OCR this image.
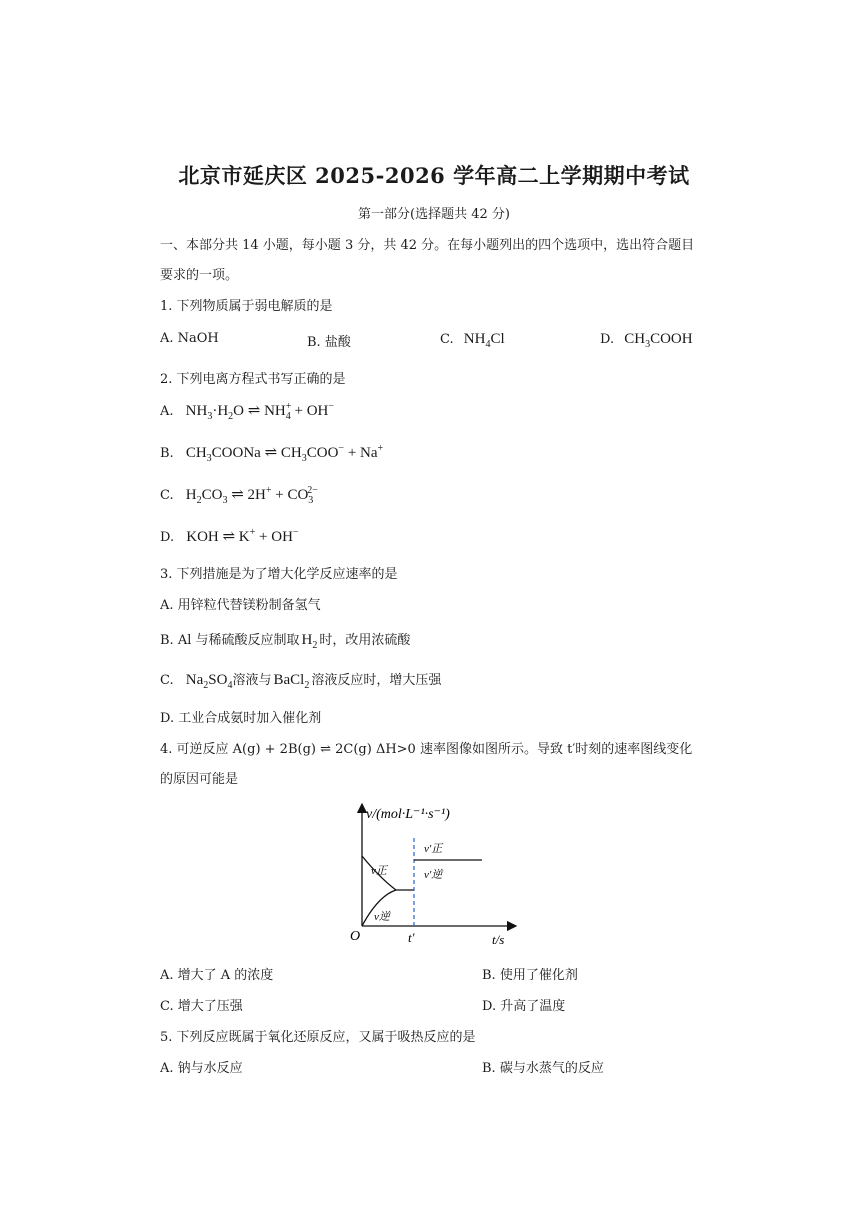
北京市延庆区 2025-2026 学年高二上学期期中考试
第一部分(选择题共 42 分)
一、本部分共 14 小题，每小题 3 分，共 42 分。在每小题列出的四个选项中，选出符合题目
要求的一项。
1. 下列物质属于弱电解质的是
A. NaOH	B. 盐酸	C. $NH_4Cl$	D. $CH_3COOH$
2. 下列电离方程式书写正确的是
A. $NH_3\cdot H_2O$ ⇌ NH $_{+ 4}$ + OH−
B. $CH_3COONa$ ⇌ $CH_3COO^- + Na^+$
C. $H_2CO_3$ ⇌ $2H^+ + CO_3^{2-}$
D. KOH ⇌ K+ + OH−
3. 下列措施是为了增大化学反应速率的是
A. 用锌粒代替镁粉制备氢气
B. Al 与稀硫酸反应制取 $H_2$ 时，改用浓硫酸
C. $Na_2SO_4$溶液与 BaCl$_2$ 溶液反应时，增大压强
D. 工业合成氨时加入催化剂
4. 可逆反应 A(g) + 2B(g) ⇌ 2C(g) ΔH>0 速率图像如图所示。导致 t′时刻的速率图线变化
的原因可能是
v/(mol·L⁻¹·s⁻¹)
t/s
O	t′
v正
v逆
v′正
v′逆
A. 增大了 A 的浓度	B. 使用了催化剂
C. 增大了压强	D. 升高了温度
5. 下列反应既属于氧化还原反应，又属于吸热反应的是
A. 钠与水反应	B. 碳与水蒸气的反应
